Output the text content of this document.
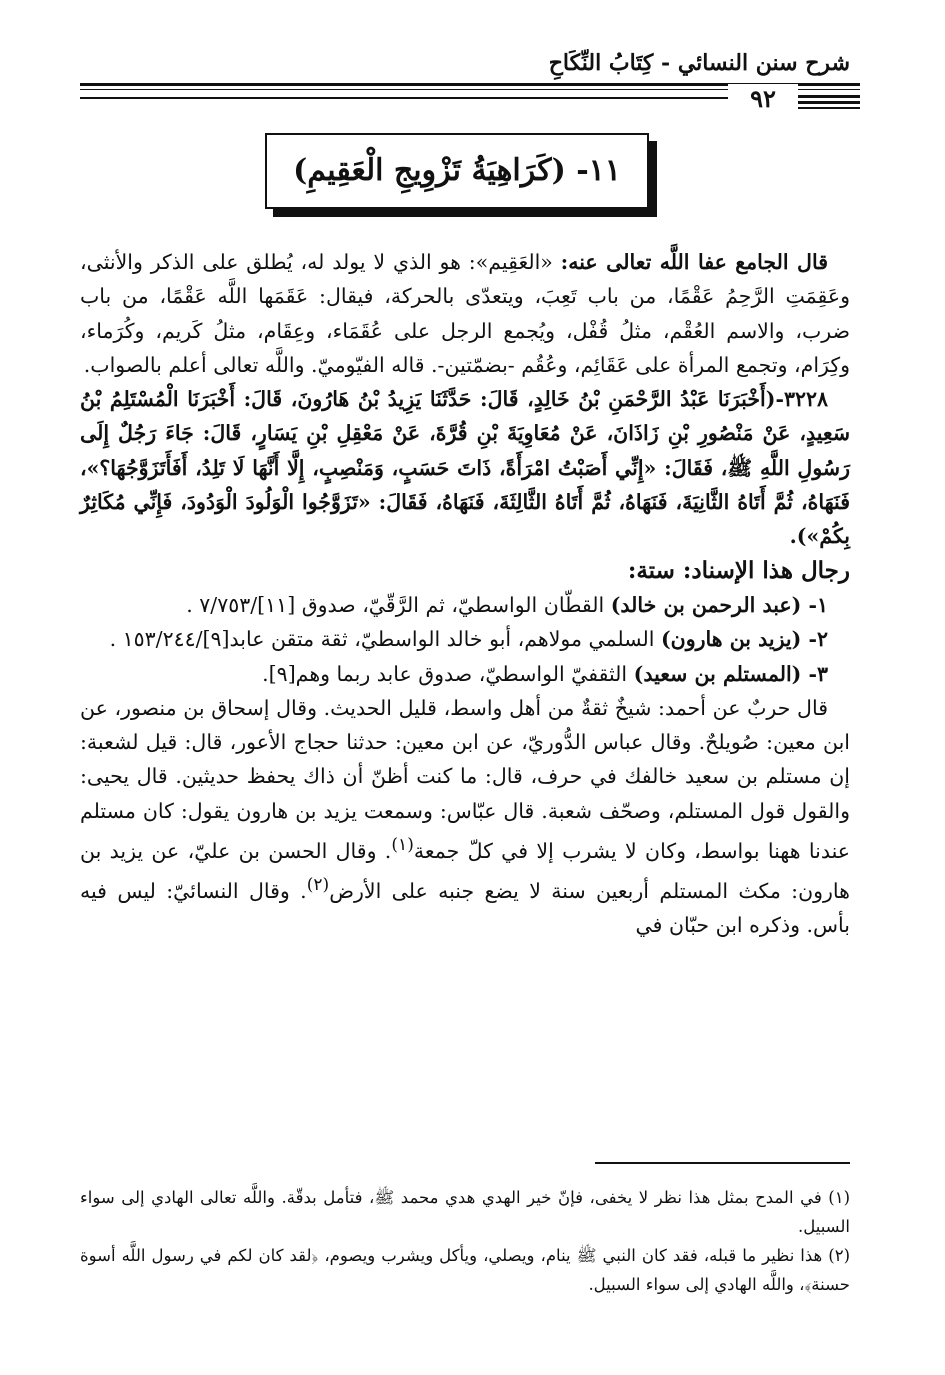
شرح سنن النسائي - كِتَابُ النِّكَاحِ
٩٢
١١- (كَرَاهِيَةُ تَزْوِيجِ الْعَقِيمِ)

قال الجامع عفا اللَّه تعالى عنه: «العَقِيم»: هو الذي لا يولد له، يُطلق على الذكر والأنثى، وعَقِمَتِ الرَّحِمُ عَقْمًا، من باب تَعِبَ، ويتعدّى بالحركة، فيقال: عَقَمَها اللَّه عَقْمًا، من باب ضرب، والاسم العُقْم، مثلُ قُفْل، ويُجمع الرجل على عُقَمَاء، وعِقَام، مثلُ كَريم، وكُرَماء، وكِرَام، وتجمع المرأة على عَقَائِم، وعُقُم -بضمّتين-. قاله الفيّوميّ. واللَّه تعالى أعلم بالصواب.

٣٢٢٨-(أَخْبَرَنَا عَبْدُ الرَّحْمَنِ بْنُ خَالِدٍ، قَالَ: حَدَّثَنَا يَزِيدُ بْنُ هَارُونَ، قَالَ: أَخْبَرَنَا الْمُسْتَلِمُ بْنُ سَعِيدٍ، عَنْ مَنْصُورِ بْنِ زَاذَانَ، عَنْ مُعَاوِيَةَ بْنِ قُرَّةَ، عَنْ مَعْقِلِ بْنِ يَسَارٍ، قَالَ: جَاءَ رَجُلٌ إِلَى رَسُولِ اللَّهِ ﷺ، فَقَالَ: «إِنِّي أَصَبْتُ امْرَأَةً، ذَاتَ حَسَبٍ، وَمَنْصِبٍ، إِلَّا أَنَّهَا لَا تَلِدُ، أَفَأَتَزَوَّجُهَا؟»، فَنَهَاهُ، ثُمَّ أَتَاهُ الثَّانِيَةَ، فَنَهَاهُ، ثُمَّ أَتَاهُ الثَّالِثَةَ، فَنَهَاهُ، فَقَالَ: «تَزَوَّجُوا الْوَلُودَ الْوَدُودَ، فَإِنِّي مُكَاثِرٌ بِكُمْ»).

رجال هذا الإسناد: ستة:

١- (عبد الرحمن بن خالد) القطّان الواسطيّ، ثم الرَّقّيّ، صدوق [١١]/٧/٧٥٣ .

٢- (يزيد بن هارون) السلمي مولاهم، أبو خالد الواسطيّ، ثقة متقن عابد[٩]/١٥٣/٢٤٤ .

٣- (المستلم بن سعيد) الثقفيّ الواسطيّ، صدوق عابد ربما وهم[٩].

قال حربٌ عن أحمد: شيخٌ ثقةٌ من أهل واسط، قليل الحديث. وقال إسحاق بن منصور، عن ابن معين: صُويلحٌ. وقال عباس الدُّوريّ، عن ابن معين: حدثنا حجاج الأعور، قال: قيل لشعبة: إن مستلم بن سعيد خالفك في حرف، قال: ما كنت أظنّ أن ذاك يحفظ حديثين. قال يحيى: والقول قول المستلم، وصحّف شعبة. قال عبّاس: وسمعت يزيد بن هارون يقول: كان مستلم عندنا ههنا بواسط، وكان لا يشرب إلا في كلّ جمعة$^{(١)}$. وقال الحسن بن عليّ، عن يزيد بن هارون: مكث المستلم أربعين سنة لا يضع جنبه على الأرض$^{(٢)}$. وقال النسائيّ: ليس فيه بأس. وذكره ابن حبّان في

(١) في المدح بمثل هذا نظر لا يخفى، فإنّ خير الهدي هدي محمد ﷺ، فتأمل بدقّة. واللَّه تعالى الهادي إلى سواء السبيل.

(٢) هذا نظير ما قبله، فقد كان النبي ﷺ ينام، ويصلي، ويأكل ويشرب ويصوم، ﴿لقد كان لكم في رسول اللَّه أسوة حسنة﴾، واللَّه الهادي إلى سواء السبيل.
